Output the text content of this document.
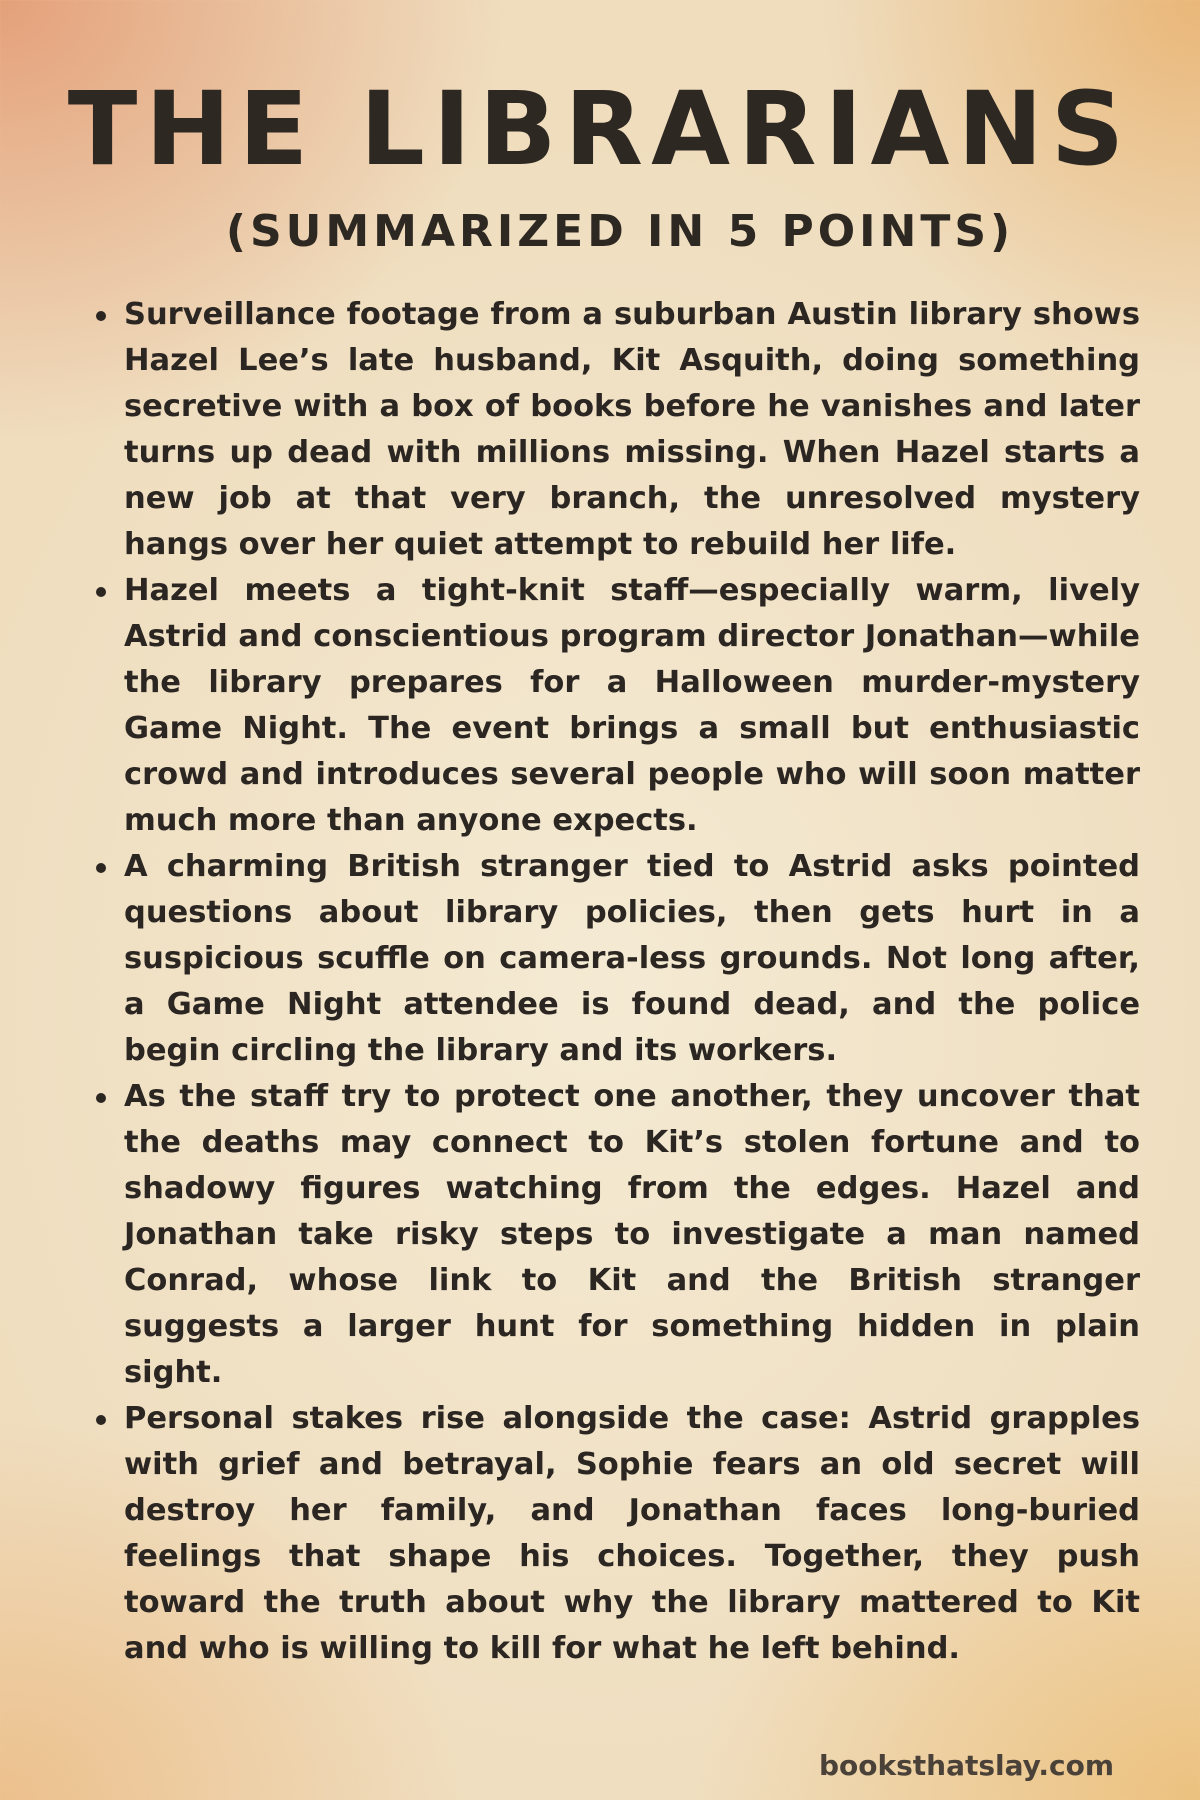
THE LIBRARIANS
(SUMMARIZED IN 5 POINTS)
Surveillance footage from a suburban Austin library shows Hazel Lee’s late husband, Kit Asquith, doing something secretive with a box of books before he vanishes and later turns up dead with millions missing. When Hazel starts a new job at that very branch, the unresolved mystery hangs over her quiet attempt to rebuild her life.
Hazel meets a tight-knit staff—especially warm, lively Astrid and conscientious program director Jonathan—while the library prepares for a Halloween murder-mystery Game Night. The event brings a small but enthusiastic crowd and introduces several people who will soon matter much more than anyone expects.
A charming British stranger tied to Astrid asks pointed questions about library policies, then gets hurt in a suspicious scuffle on camera-less grounds. Not long after, a Game Night attendee is found dead, and the police begin circling the library and its workers.
As the staff try to protect one another, they uncover that the deaths may connect to Kit’s stolen fortune and to shadowy figures watching from the edges. Hazel and Jonathan take risky steps to investigate a man named Conrad, whose link to Kit and the British stranger suggests a larger hunt for something hidden in plain sight.
Personal stakes rise alongside the case: Astrid grapples with grief and betrayal, Sophie fears an old secret will destroy her family, and Jonathan faces long-buried feelings that shape his choices. Together, they push toward the truth about why the library mattered to Kit and who is willing to kill for what he left behind.
booksthatslay.com
